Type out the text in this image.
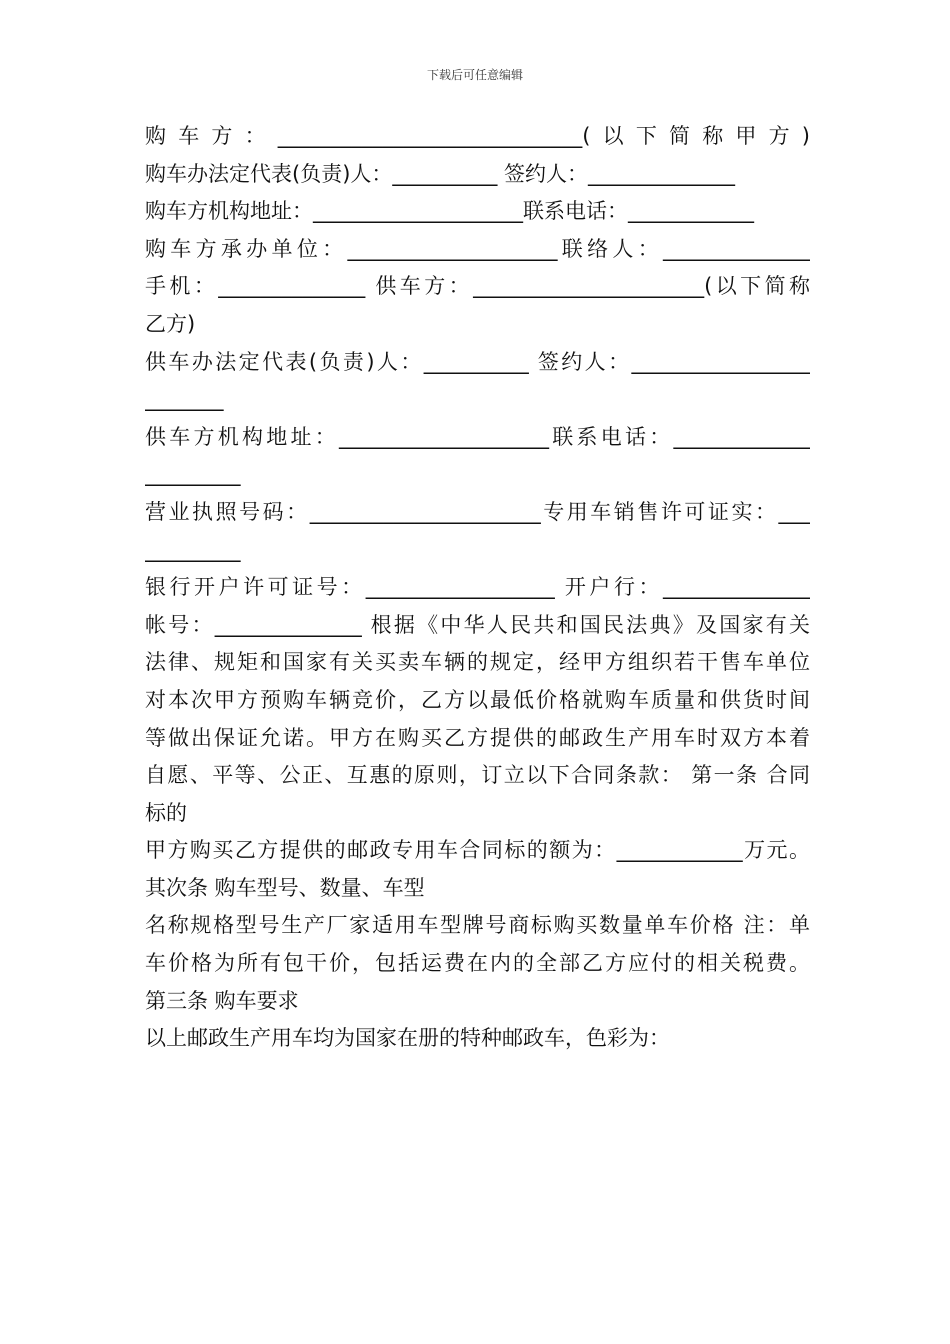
下载后可任意编辑
购车方：_____________________________(以下简称甲方)
购车办法定代表(负责)人：__________ 签约人：______________
购车方机构地址：____________________联系电话：____________
购车方承办单位：____________________联络人：______________
手机：______________ 供车方：______________________(以下简称
乙方)
供车办法定代表(负责)人：__________ 签约人：_________________
_________
供车方机构地址：____________________联系电话：_____________
___________
营业执照号码：______________________专用车销售许可证实：___
___________
银行开户许可证号：__________________ 开户行：______________
帐号：______________ 根据《中华人民共和国民法典》及国家有关
法律、规矩和国家有关买卖车辆的规定，经甲方组织若干售车单位
对本次甲方预购车辆竞价，乙方以最低价格就购车质量和供货时间
等做出保证允诺。甲方在购买乙方提供的邮政生产用车时双方本着
自愿、平等、公正、互惠的原则，订立以下合同条款： 第一条 合同
标的
甲方购买乙方提供的邮政专用车合同标的额为：____________万元。
其次条 购车型号、数量、车型
名称规格型号生产厂家适用车型牌号商标购买数量单车价格 注：单
车价格为所有包干价，包括运费在内的全部乙方应付的相关税费。
第三条 购车要求
以上邮政生产用车均为国家在册的特种邮政车，色彩为：
